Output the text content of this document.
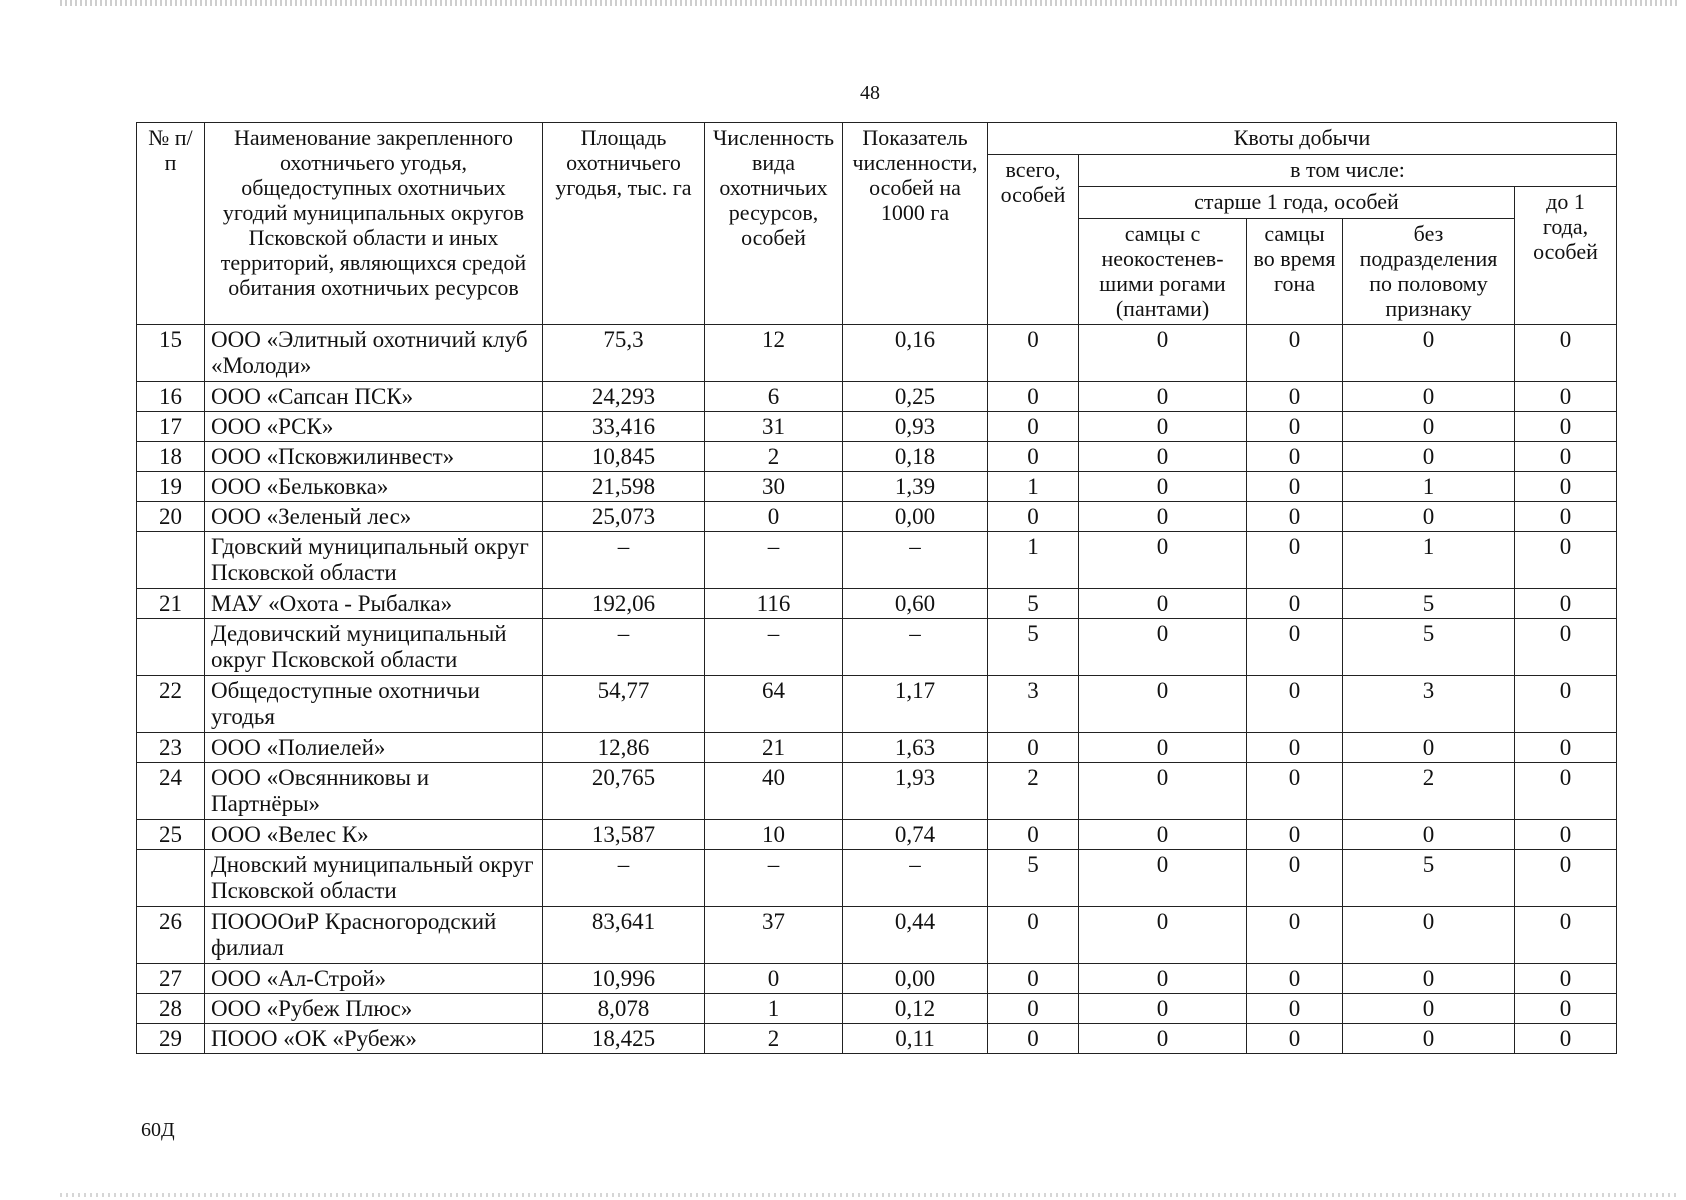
48
№ п/п	Наименование закрепленного охотничьего угодья, общедоступных охотничьих угодий муниципальных округов Псковской области и иных территорий, являющихся средой обитания охотничьих ресурсов	Площадь охотничьего угодья, тыс. га	Численность вида охотничьих ресурсов, особей	Показатель численности, особей на 1000 га	Квоты добычи				
					всего, особей	в том числе:			
						старше 1 года, особей			до 1 года, особей
						самцы с неокостенев-шими рогами (пантами)	самцы во время гона	без подразделения по половому признаку	
15	ООО «Элитный охотничий клуб «Молоди»	75,3	12	0,16	0	0	0	0	0
16	ООО «Сапсан ПСК»	24,293	6	0,25	0	0	0	0	0
17	ООО «РСК»	33,416	31	0,93	0	0	0	0	0
18	ООО «Псковжилинвест»	10,845	2	0,18	0	0	0	0	0
19	ООО «Бельковка»	21,598	30	1,39	1	0	0	1	0
20	ООО «Зеленый лес»	25,073	0	0,00	0	0	0	0	0
	Гдовский муниципальный округ Псковской области	–	–	–	1	0	0	1	0
21	МАУ «Охота - Рыбалка»	192,06	116	0,60	5	0	0	5	0
	Дедовичский муниципальный округ Псковской области	–	–	–	5	0	0	5	0
22	Общедоступные охотничьи угодья	54,77	64	1,17	3	0	0	3	0
23	ООО «Полиелей»	12,86	21	1,63	0	0	0	0	0
24	ООО «Овсянниковы и Партнёры»	20,765	40	1,93	2	0	0	2	0
25	ООО «Велес К»	13,587	10	0,74	0	0	0	0	0
	Дновский муниципальный округ Псковской области	–	–	–	5	0	0	5	0
26	ПООООиР Красногородский филиал	83,641	37	0,44	0	0	0	0	0
27	ООО «Ал-Строй»	10,996	0	0,00	0	0	0	0	0
28	ООО «Рубеж Плюс»	8,078	1	0,12	0	0	0	0	0
29	ПООО «ОК «Рубеж»	18,425	2	0,11	0	0	0	0	0
60Д
